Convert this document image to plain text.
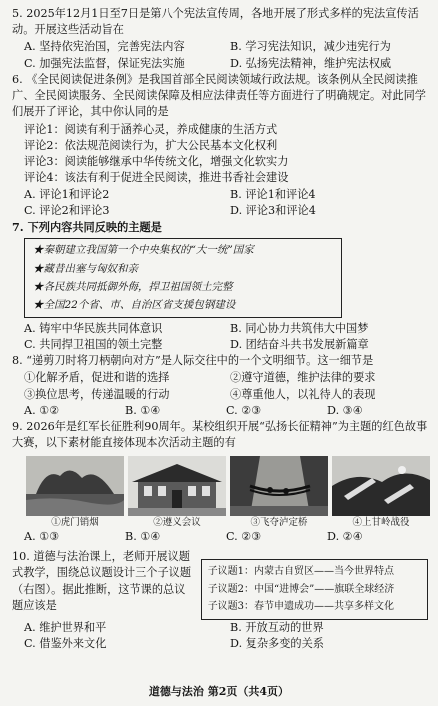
5. 2025年12月1日至7日是第八个宪法宣传周，各地开展了形式多样的宪法宣传活动。开展这些活动旨在

A. 坚持依宪治国，完善宪法内容	B. 学习宪法知识，减少违宪行为
C. 加强宪法监督，保证宪法实施	D. 弘扬宪法精神，维护宪法权威

6. 《全民阅读促进条例》是我国首部全民阅读领域行政法规。该条例从全民阅读推广、全民阅读服务、全民阅读保障及相应法律责任等方面进行了明确规定。对此同学们展开了评论，其中你认同的是

评论1：阅读有利于涵养心灵，养成健康的生活方式

评论2：依法规范阅读行为，扩大公民基本文化权利

评论3：阅读能够继承中华传统文化，增强文化软实力

评论4：该法有利于促进全民阅读，推进书香社会建设

A. 评论1和评论2	B. 评论1和评论4
C. 评论2和评论3	D. 评论3和评论4

7. 下列内容共同反映的主题是

★秦朝建立我国第一个中央集权的“大一统”国家
★藏昔出塞与匈奴和亲
★各民族共同抵御外侮，捍卫祖国领土完整
★全国22个省、市、自治区省支援包钢建设
A. 铸牢中华民族共同体意识	B. 同心协力共筑伟大中国梦
C. 共同捍卫祖国的领土完整	D. 团结奋斗共书发展新篇章

8. “递剪刀时将刀柄朝向对方”是人际交往中的一个文明细节。这一细节是

①化解矛盾，促进和谐的选择	②遵守道德，维护法律的要求
③换位思考，传递温暖的行动	④尊重他人，以礼待人的表现
A. ①②	B. ①④	C. ②③	D. ③④

9. 2026年是红军长征胜利90周年。某校组织开展“弘扬长征精神”为主题的红色故事大赛，以下素材能直接体现本次活动主题的有

①虎门销烟	②遵义会议	③飞夺泸定桥	④上甘岭战役
A. ①③	B. ①④	C. ②③	D. ②④

10. 道德与法治课上，老师开展议题式教学，围绕总议题设计三个子议题（右图）。据此推断，这节课的总议题应该是

子议题1：内蒙古自贸区——当今世界特点
子议题2：中国“进博会”——旗联全球经济
子议题3：春节申遗成功——共享多样文化
A. 维护世界和平	B. 开放互动的世界
C. 借鉴外来文化	D. 复杂多变的关系
道德与法治 第2页（共4页）
